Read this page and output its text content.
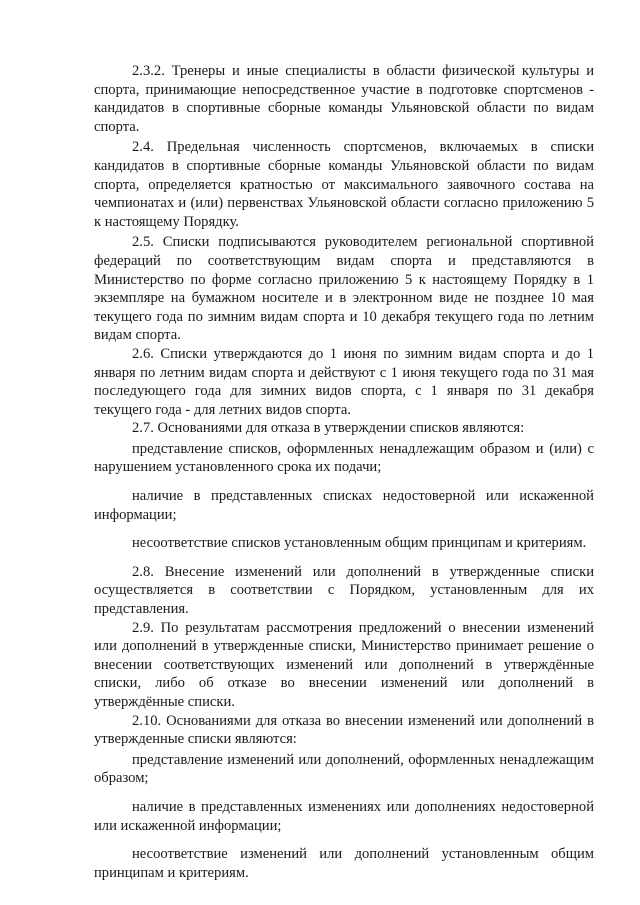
2.3.2. Тренеры и иные специалисты в области физической культуры и спорта, принимающие непосредственное участие в подготовке спортсменов - кандидатов в спортивные сборные команды Ульяновской области по видам спорта.

2.4. Предельная численность спортсменов, включаемых в списки кандидатов в спортивные сборные команды Ульяновской области по видам спорта, определяется кратностью от максимального заявочного состава на чемпионатах и (или) первенствах Ульяновской области согласно приложению 5 к настоящему Порядку.

2.5. Списки подписываются руководителем региональной спортивной федераций по соответствующим видам спорта и представляются в Министерство по форме согласно приложению 5 к настоящему Порядку в 1 экземпляре на бумажном носителе и в электронном виде не позднее 10 мая текущего года по зимним видам спорта и 10 декабря текущего года по летним видам спорта.

2.6. Списки утверждаются до 1 июня по зимним видам спорта и до 1 января по летним видам спорта и действуют с 1 июня текущего года по 31 мая последующего года для зимних видов спорта, с 1 января по 31 декабря текущего года - для летних видов спорта.

2.7. Основаниями для отказа в утверждении списков являются:

представление списков, оформленных ненадлежащим образом и (или) с нарушением установленного срока их подачи;

наличие в представленных списках недостоверной или искаженной информации;

несоответствие списков установленным общим принципам и критериям.

2.8. Внесение изменений или дополнений в утвержденные списки осуществляется в соответствии с Порядком, установленным для их представления.

2.9. По результатам рассмотрения предложений о внесении изменений или дополнений в утвержденные списки, Министерство принимает решение о внесении соответствующих изменений или дополнений в утверждённые списки, либо об отказе во внесении изменений или дополнений в утверждённые списки.

2.10. Основаниями для отказа во внесении изменений или дополнений в утвержденные списки являются:

представление изменений или дополнений, оформленных ненадлежащим образом;

наличие в представленных изменениях или дополнениях недостоверной или искаженной информации;

несоответствие изменений или дополнений установленным общим принципам и критериям.
